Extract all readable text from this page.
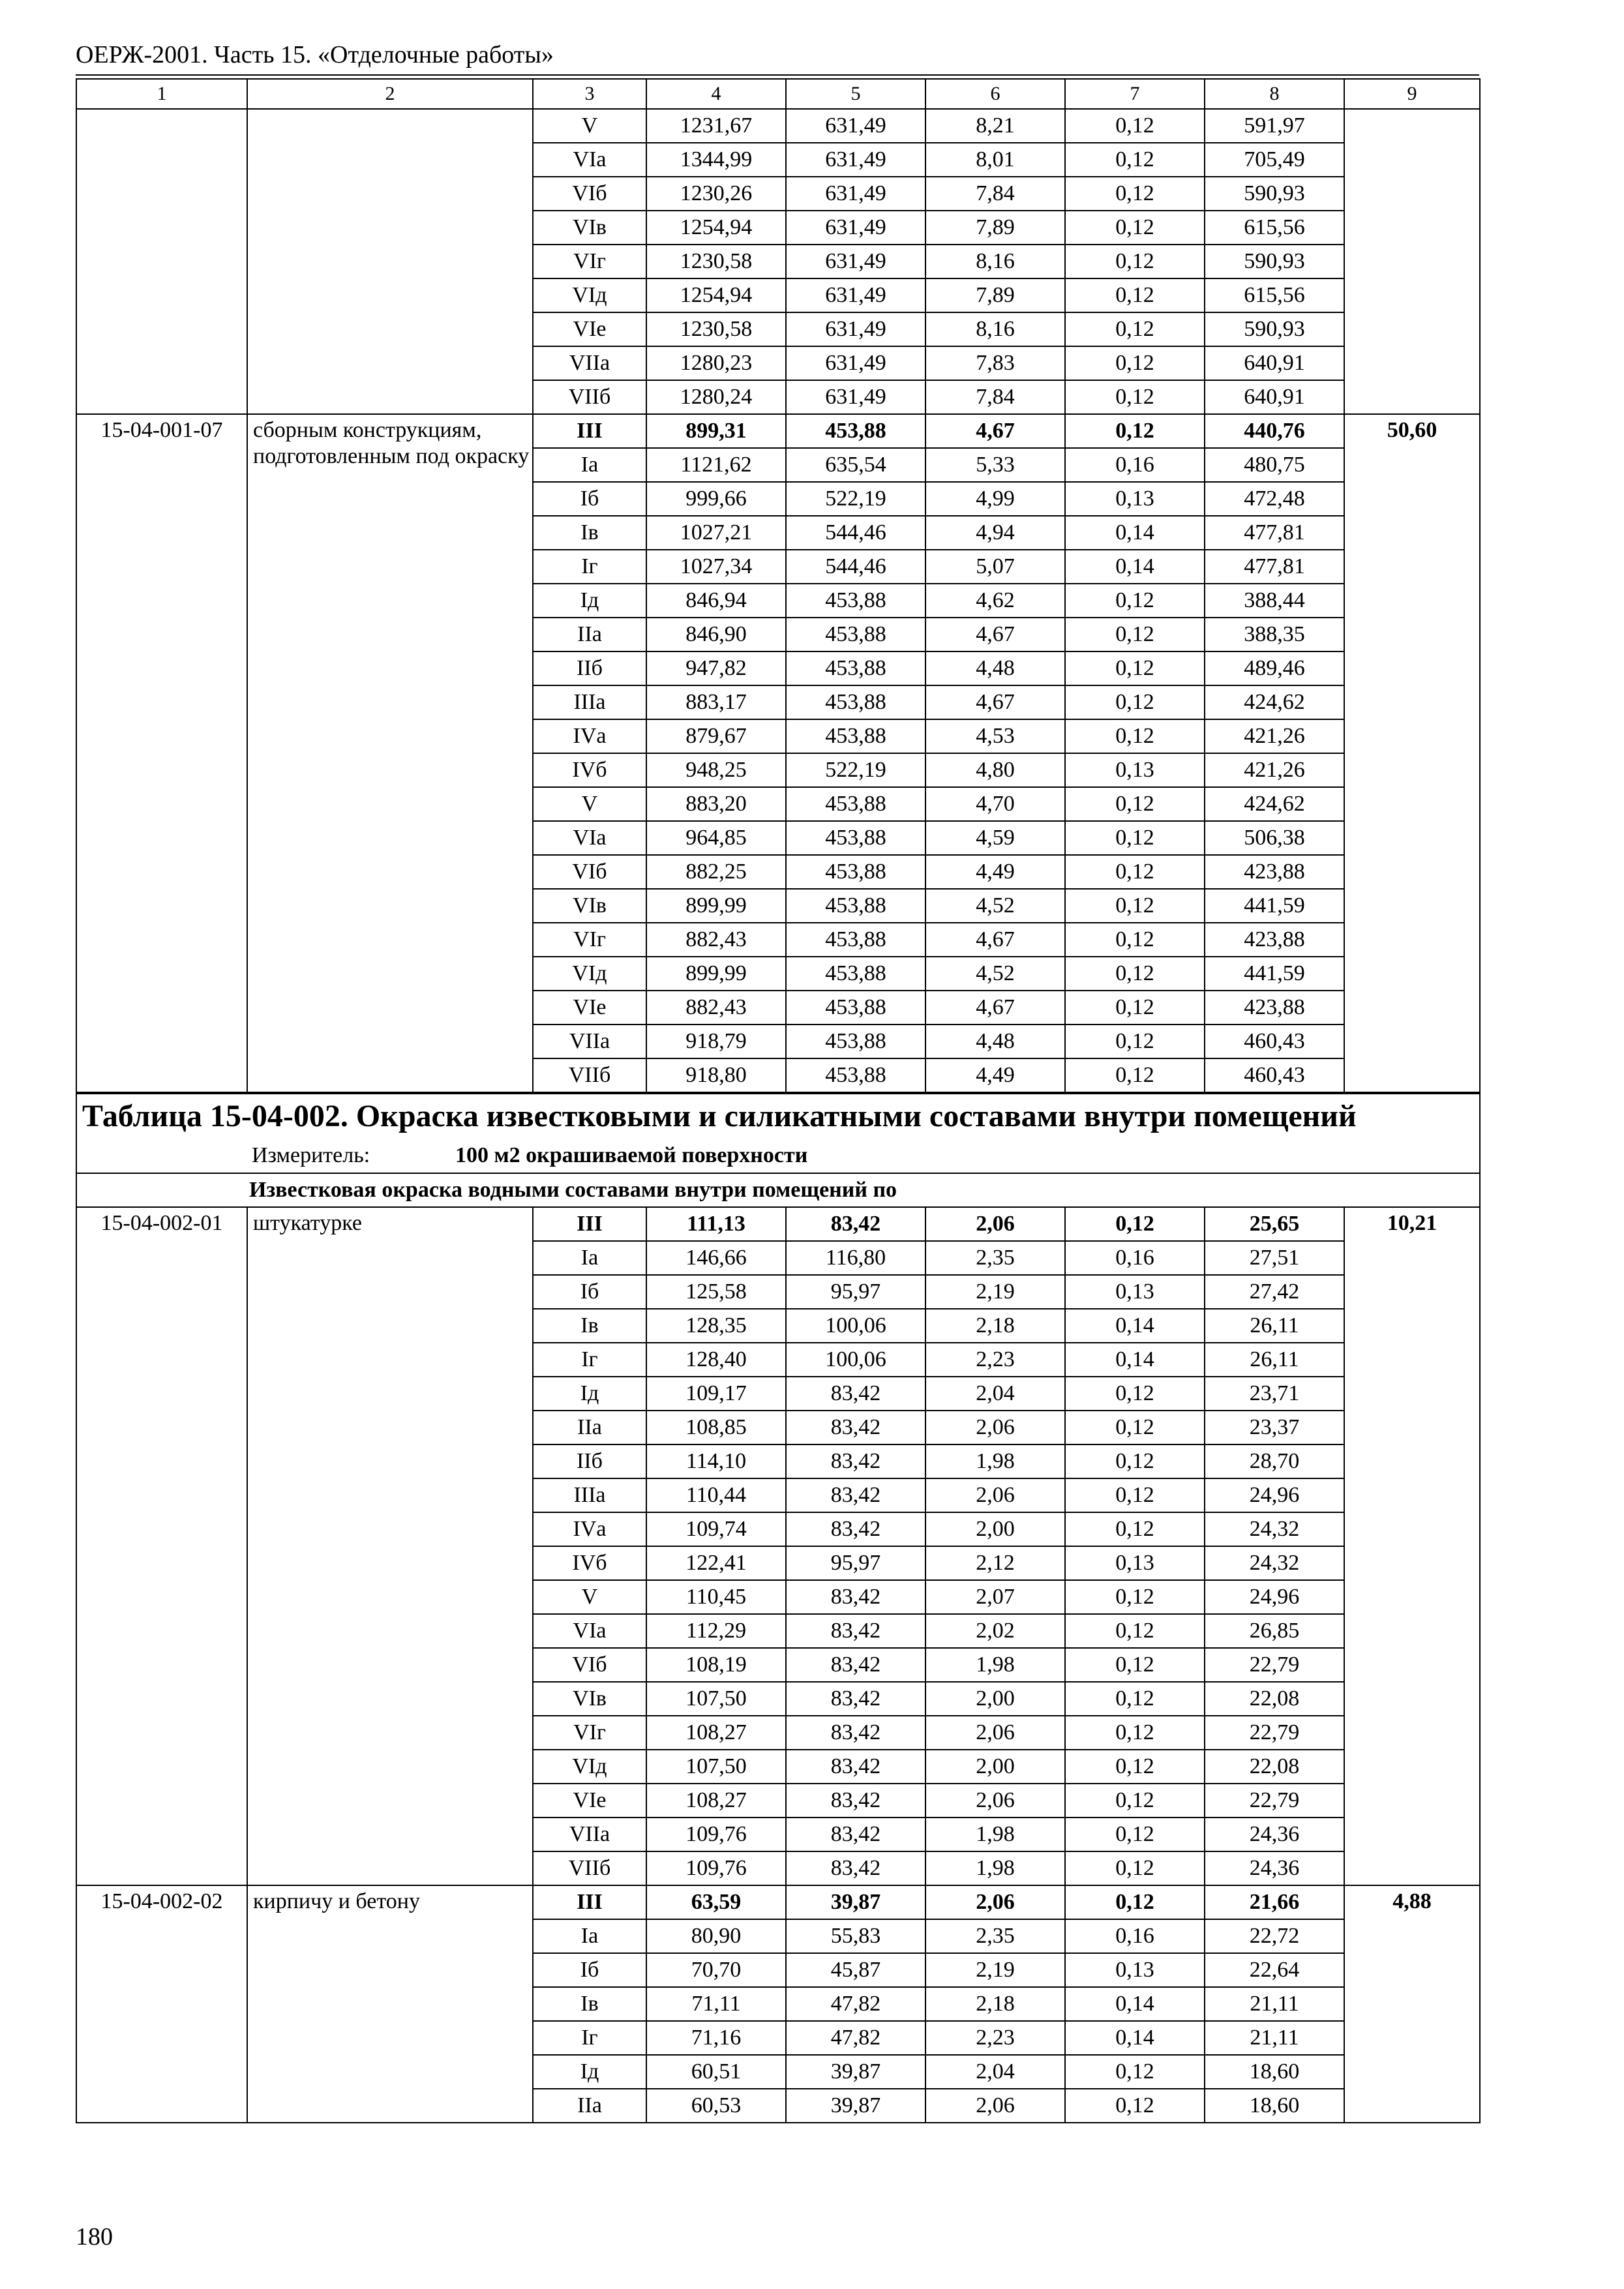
ОЕРЖ-2001. Часть 15. «Отделочные работы»
1	2	3	4	5	6	7	8	9
		V	1231,67	631,49	8,21	0,12	591,97	
		VIа	1344,99	631,49	8,01	0,12	705,49	
		VIб	1230,26	631,49	7,84	0,12	590,93	
		VIв	1254,94	631,49	7,89	0,12	615,56	
		VIг	1230,58	631,49	8,16	0,12	590,93	
		VIд	1254,94	631,49	7,89	0,12	615,56	
		VIе	1230,58	631,49	8,16	0,12	590,93	
		VIIа	1280,23	631,49	7,83	0,12	640,91	
		VIIб	1280,24	631,49	7,84	0,12	640,91	
15-04-001-07	сборным конструкциям, подготовленным под окраску	III	899,31	453,88	4,67	0,12	440,76	50,60
		Iа	1121,62	635,54	5,33	0,16	480,75	
		Iб	999,66	522,19	4,99	0,13	472,48	
		Iв	1027,21	544,46	4,94	0,14	477,81	
		Iг	1027,34	544,46	5,07	0,14	477,81	
		Iд	846,94	453,88	4,62	0,12	388,44	
		IIа	846,90	453,88	4,67	0,12	388,35	
		IIб	947,82	453,88	4,48	0,12	489,46	
		IIIа	883,17	453,88	4,67	0,12	424,62	
		IVа	879,67	453,88	4,53	0,12	421,26	
		IVб	948,25	522,19	4,80	0,13	421,26	
		V	883,20	453,88	4,70	0,12	424,62	
		VIа	964,85	453,88	4,59	0,12	506,38	
		VIб	882,25	453,88	4,49	0,12	423,88	
		VIв	899,99	453,88	4,52	0,12	441,59	
		VIг	882,43	453,88	4,67	0,12	423,88	
		VIд	899,99	453,88	4,52	0,12	441,59	
		VIе	882,43	453,88	4,67	0,12	423,88	
		VIIа	918,79	453,88	4,48	0,12	460,43	
		VIIб	918,80	453,88	4,49	0,12	460,43	
Таблица 15-04-002. Окраска известковыми и силикатными составами внутри помещений								
Измеритель: 100 м2 окрашиваемой поверхности								
Известковая окраска водными составами внутри помещений по								
15-04-002-01	штукатурке	III	111,13	83,42	2,06	0,12	25,65	10,21
		Iа	146,66	116,80	2,35	0,16	27,51	
		Iб	125,58	95,97	2,19	0,13	27,42	
		Iв	128,35	100,06	2,18	0,14	26,11	
		Iг	128,40	100,06	2,23	0,14	26,11	
		Iд	109,17	83,42	2,04	0,12	23,71	
		IIа	108,85	83,42	2,06	0,12	23,37	
		IIб	114,10	83,42	1,98	0,12	28,70	
		IIIа	110,44	83,42	2,06	0,12	24,96	
		IVа	109,74	83,42	2,00	0,12	24,32	
		IVб	122,41	95,97	2,12	0,13	24,32	
		V	110,45	83,42	2,07	0,12	24,96	
		VIа	112,29	83,42	2,02	0,12	26,85	
		VIб	108,19	83,42	1,98	0,12	22,79	
		VIв	107,50	83,42	2,00	0,12	22,08	
		VIг	108,27	83,42	2,06	0,12	22,79	
		VIд	107,50	83,42	2,00	0,12	22,08	
		VIе	108,27	83,42	2,06	0,12	22,79	
		VIIа	109,76	83,42	1,98	0,12	24,36	
		VIIб	109,76	83,42	1,98	0,12	24,36	
15-04-002-02	кирпичу и бетону	III	63,59	39,87	2,06	0,12	21,66	4,88
		Iа	80,90	55,83	2,35	0,16	22,72	
		Iб	70,70	45,87	2,19	0,13	22,64	
		Iв	71,11	47,82	2,18	0,14	21,11	
		Iг	71,16	47,82	2,23	0,14	21,11	
		Iд	60,51	39,87	2,04	0,12	18,60	
		IIа	60,53	39,87	2,06	0,12	18,60	
180
